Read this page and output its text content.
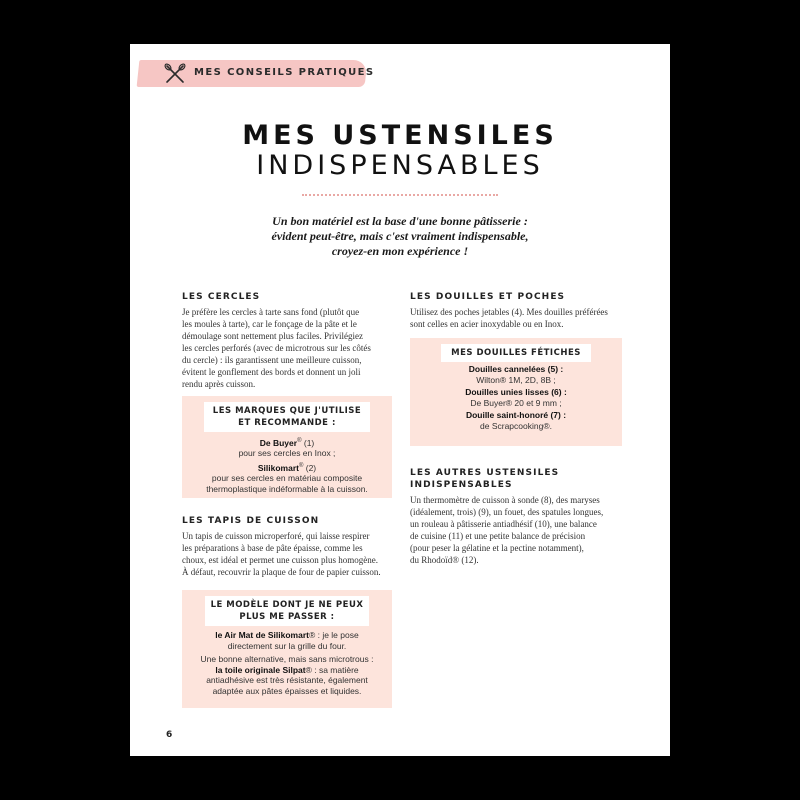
MES CONSEILS PRATIQUES
MES USTENSILES
INDISPENSABLES
Un bon matériel est la base d'une bonne pâtisserie :
évident peut-être, mais c'est vraiment indispensable,
croyez-en mon expérience !
LES CERCLES
Je préfère les cercles à tarte sans fond (plutôt que
les moules à tarte), car le fonçage de la pâte et le
démoulage sont nettement plus faciles. Privilégiez
les cercles perforés (avec de microtrous sur les côtés
du cercle) : ils garantissent une meilleure cuisson,
évitent le gonflement des bords et donnent un joli
rendu après cuisson.
LES MARQUES QUE J'UTILISE
ET RECOMMANDE :
De Buyer® (1)
pour ses cercles en Inox ;
Silikomart® (2)
pour ses cercles en matériau composite
thermoplastique indéformable à la cuisson.
LES TAPIS DE CUISSON
Un tapis de cuisson microperforé, qui laisse respirer
les préparations à base de pâte épaisse, comme les
choux, est idéal et permet une cuisson plus homogène.
À défaut, recouvrir la plaque de four de papier cuisson.
LE MODÈLE DONT JE NE PEUX
PLUS ME PASSER :
le Air Mat de Silikomart® : je le pose
directement sur la grille du four.
Une bonne alternative, mais sans microtrous :
la toile originale Silpat® : sa matière
antiadhésive est très résistante, également
adaptée aux pâtes épaisses et liquides.
LES DOUILLES ET POCHES
Utilisez des poches jetables (4). Mes douilles préférées
sont celles en acier inoxydable ou en Inox.
MES DOUILLES FÉTICHES
Douilles cannelées (5) :
Wilton® 1M, 2D, 8B ;
Douilles unies lisses (6) :
De Buyer® 20 et 9 mm ;
Douille saint-honoré (7) :
de Scrapcooking®.
LES AUTRES USTENSILES
INDISPENSABLES
Un thermomètre de cuisson à sonde (8), des maryses
(idéalement, trois) (9), un fouet, des spatules longues,
un rouleau à pâtisserie antiadhésif (10), une balance
de cuisine (11) et une petite balance de précision
(pour peser la gélatine et la pectine notamment),
du Rhodoïd® (12).
6
